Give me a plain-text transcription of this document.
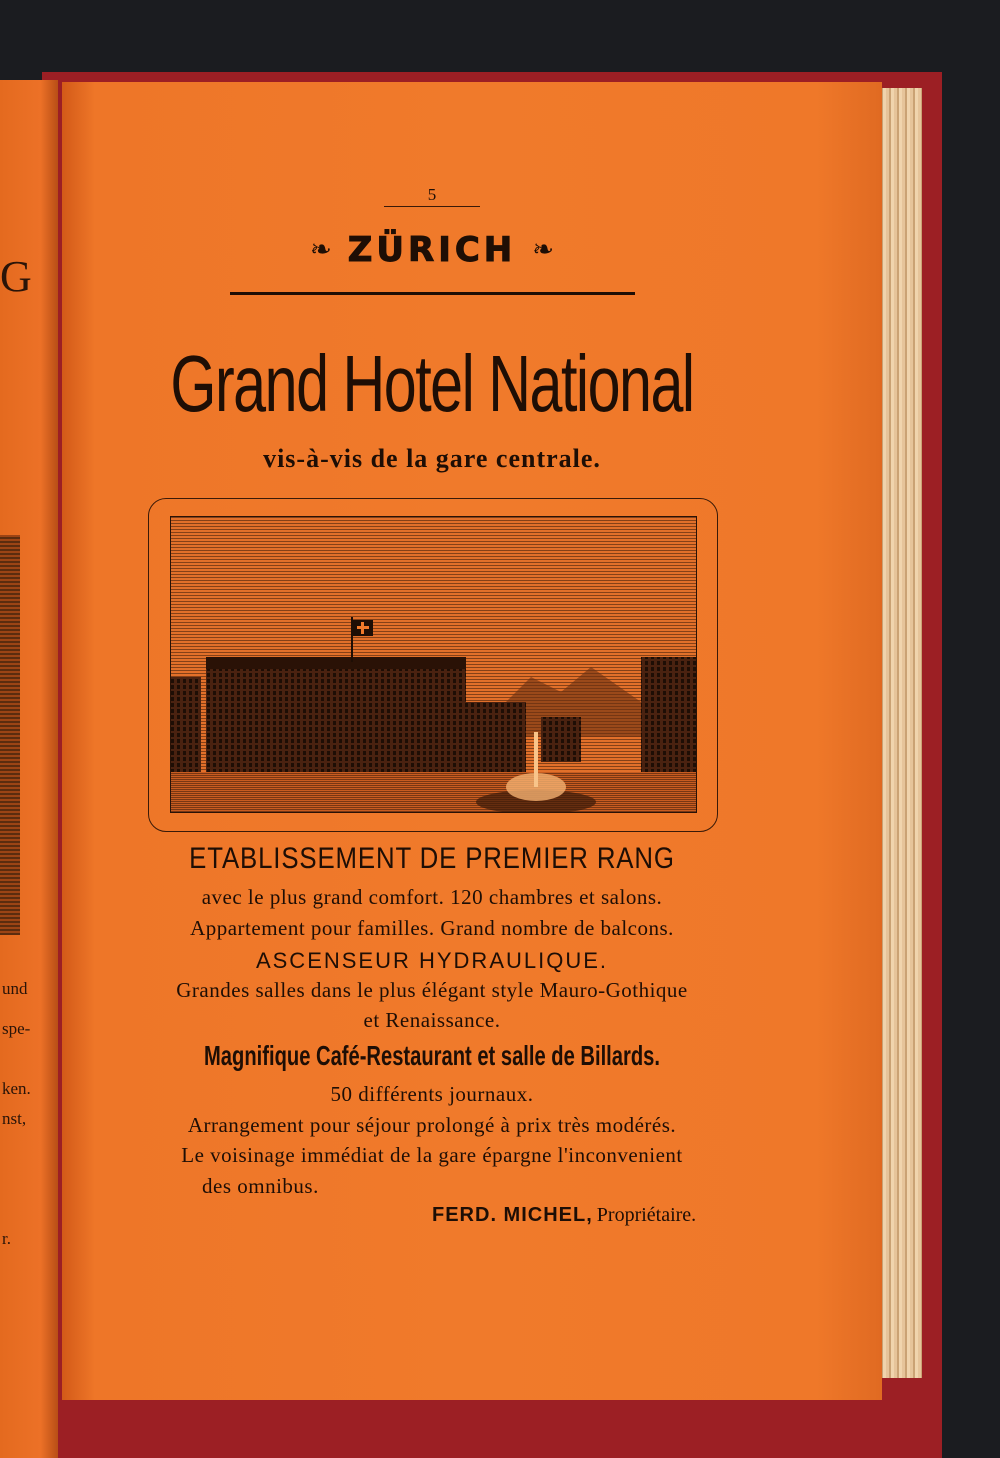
G
und
spe-
ken.
nst,
r.
5
❧ ZÜRICH ❧
Grand Hotel National
vis-à-vis de la gare centrale.
ETABLISSEMENT DE PREMIER RANG
avec le plus grand comfort. 120 chambres et salons.
Appartement pour familles. Grand nombre de balcons.
ASCENSEUR HYDRAULIQUE.
Grandes salles dans le plus élégant style Mauro-Gothique
et Renaissance.
Magnifique Café-Restaurant et salle de Billards.
50 différents journaux.
Arrangement pour séjour prolongé à prix très modérés.
Le voisinage immédiat de la gare épargne l'inconvenient
des omnibus.
FERD. MICHEL, Propriétaire.
